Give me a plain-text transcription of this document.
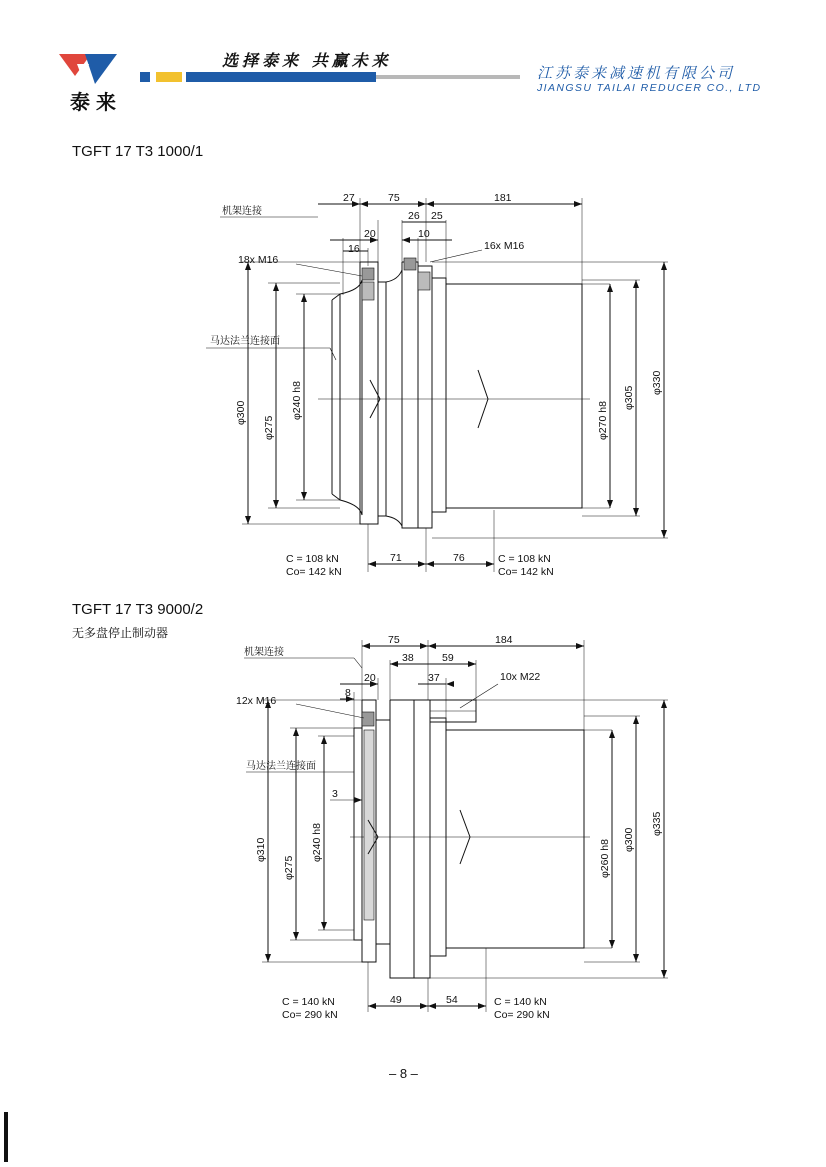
泰来
选择泰来 共赢未来
江苏泰来减速机有限公司
JIANGSU TAILAI REDUCER CO., LTD
TGFT 17 T3 1000/1
27	75	181
26 25
20	10
16
机架连接
18x M16
16x M16
马达法兰连接面
φ300
φ275
φ240 h8
φ270 h8
φ305
φ330
71	76
C = 108 kN
Co= 142 kN
C = 108 kN
Co= 142 kN
TGFT 17 T3 9000/2
无多盘停止制动器	75	184
38	59
20	37
8
3
机架连接
12x M16
10x M22
马达法兰连接面
φ310
φ275
φ240 h8	φ260 h8 φ300
φ335
49	54
C = 140 kN
Co= 290 kN
C = 140 kN
Co= 290 kN
– 8 –
